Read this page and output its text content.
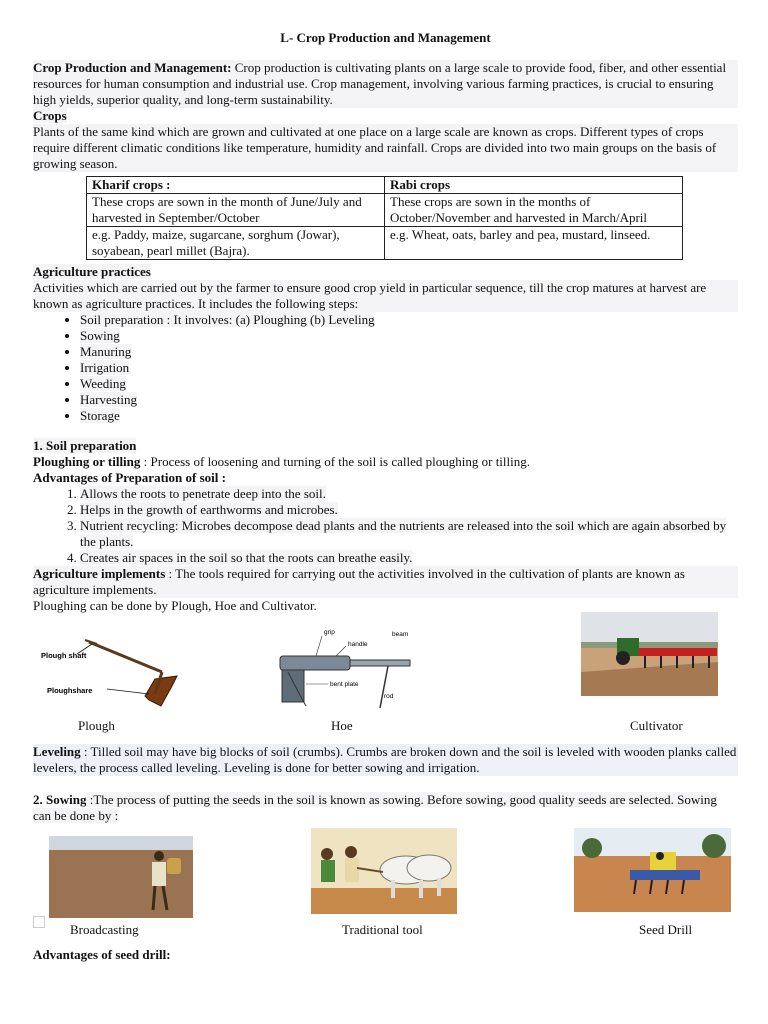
L- Crop Production and Management

Crop Production and Management: Crop production is cultivating plants on a large scale to provide food, fiber, and other essential resources for human consumption and industrial use. Crop management, involving various farming practices, is crucial to ensuring high yields, superior quality, and long-term sustainability.

Crops

Plants of the same kind which are grown and cultivated at one place on a large scale are known as crops. Different types of crops require different climatic conditions like temperature, humidity and rainfall. Crops are divided into two main groups on the basis of growing season.

Kharif crops :	Rabi crops
These crops are sown in the month of June/July and harvested in September/October	These crops are sown in the months of October/November and harvested in March/April
e.g. Paddy, maize, sugarcane, sorghum (Jowar), soyabean, pearl millet (Bajra).	e.g. Wheat, oats, barley and pea, mustard, linseed.

Agriculture practices

Activities which are carried out by the farmer to ensure good crop yield in particular sequence, till the crop matures at harvest are known as agriculture practices. It includes the following steps:

• Soil preparation : It involves: (a) Ploughing (b) Leveling
• Sowing
• Manuring
• Irrigation
• Weeding
• Harvesting
• Storage

1. Soil preparation

Ploughing or tilling : Process of loosening and turning of the soil is called ploughing or tilling.

Advantages of Preparation of soil :

1. Allows the roots to penetrate deep into the soil.
2. Helps in the growth of earthworms and microbes.
3. Nutrient recycling: Microbes decompose dead plants and the nutrients are released into the soil which are again absorbed by the plants.
4. Creates air spaces in the soil so that the roots can breathe easily.

Agriculture implements : The tools required for carrying out the activities involved in the cultivation of plants are known as agriculture implements.

Ploughing can be done by Plough, Hoe and Cultivator.

Plough shaft
Ploughshare
Plough
grip
handle
beam
bent plate
rod
Hoe	Cultivator

Leveling : Tilled soil may have big blocks of soil (crumbs). Crumbs are broken down and the soil is leveled with wooden planks called levelers, the process called leveling. Leveling is done for better sowing and irrigation.

2. Sowing :The process of putting the seeds in the soil is known as sowing. Before sowing, good quality seeds are selected. Sowing can be done by :

Broadcasting	Traditional tool	Seed Drill

Advantages of seed drill:
